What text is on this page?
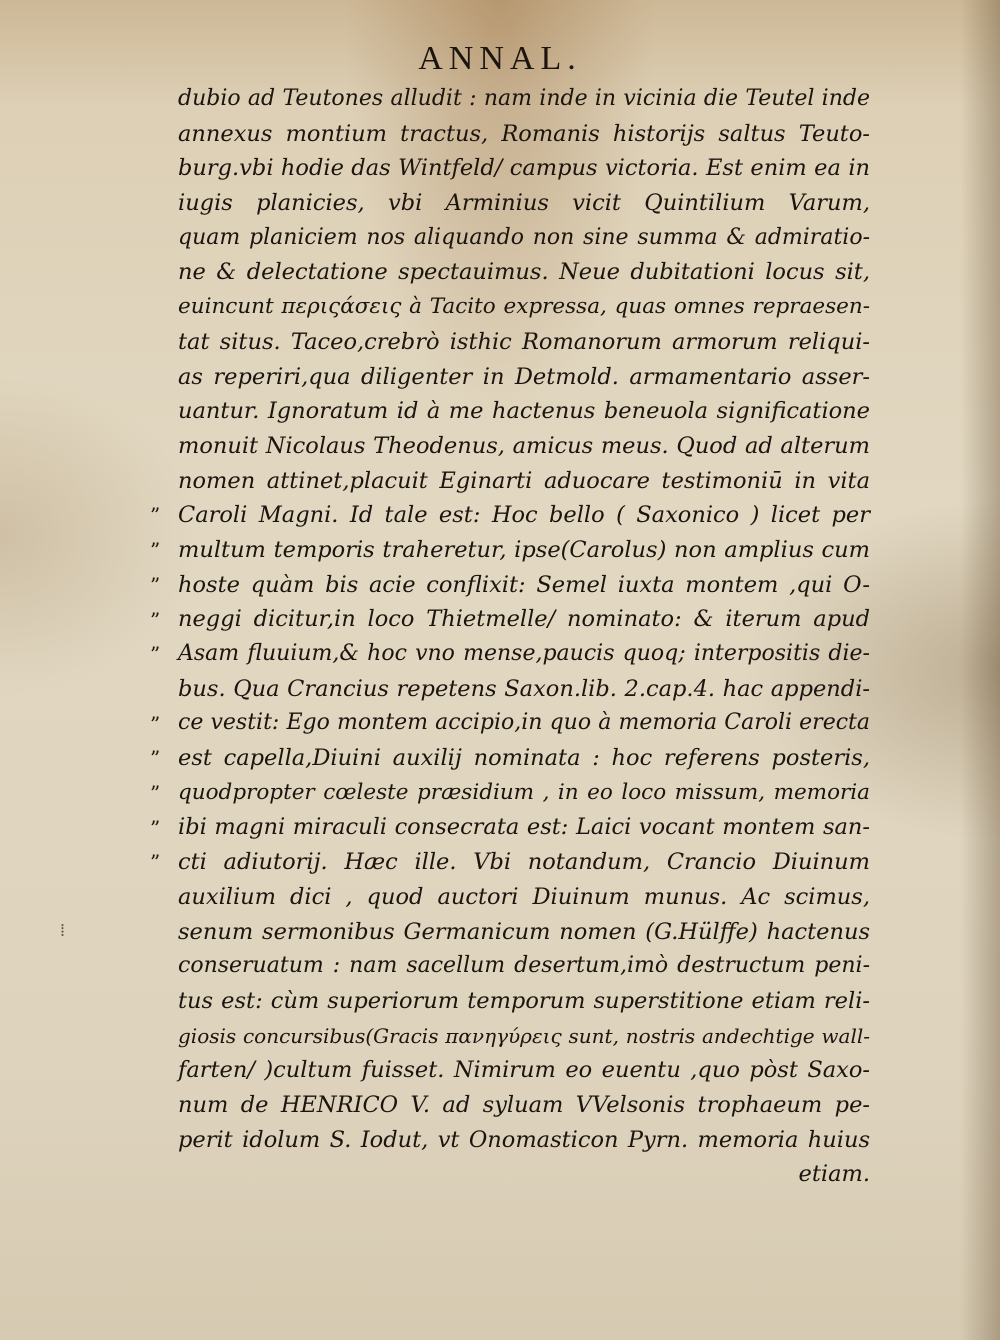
ANNAL.
”
”
”
”
”
”
”
”
”
”
dubio ad Teutones alludit : nam inde in vicinia die Teutel inde
annexus montium tractus, Romanis historijs saltus Teuto-
burg.vbi hodie das Wintfeld/ campus victoria. Est enim ea in
iugis planicies, vbi Arminius vicit Quintilium Varum,
quam planiciem nos aliquando non sine summa & admiratio-
ne & delectatione spectauimus. Neue dubitationi locus sit,
euincunt περιςάσεις à Tacito expressa, quas omnes repraesen-
tat situs. Taceo,crebrò isthic Romanorum armorum reliqui-
as reperiri,qua diligenter in Detmold. armamentario asser-
uantur. Ignoratum id à me hactenus beneuola significatione
monuit Nicolaus Theodenus, amicus meus. Quod ad alterum
nomen attinet,placuit Eginarti aduocare testimoniū in vita
Caroli Magni. Id tale est: Hoc bello ( Saxonico ) licet per
multum temporis traheretur, ipse(Carolus) non amplius cum
hoste quàm bis acie conflixit: Semel iuxta montem ,qui O-
neggi dicitur,in loco Thietmelle/ nominato: & iterum apud
Asam fluuium,& hoc vno mense,paucis quoq; interpositis die-
bus. Qua Crancius repetens Saxon.lib. 2.cap.4. hac appendi-
ce vestit: Ego montem accipio,in quo à memoria Caroli erecta
est capella,Diuini auxilij nominata : hoc referens posteris,
quodpropter cœleste præsidium , in eo loco missum, memoria
ibi magni miraculi consecrata est: Laici vocant montem san-
cti adiutorij. Hæc ille. Vbi notandum, Crancio Diuinum
auxilium dici , quod auctori Diuinum munus. Ac scimus,
senum sermonibus Germanicum nomen (G.Hülffe) hactenus
conseruatum : nam sacellum desertum,imò destructum peni-
tus est: cùm superiorum temporum superstitione etiam reli-
giosis concursibus(Gracis πανηγύρεις sunt, nostris andechtige wall-
farten/ )cultum fuisset. Nimirum eo euentu ,quo pòst Saxo-
num de HENRICO V. ad syluam VVelsonis trophaeum pe-
perit idolum S. Iodut, vt Onomasticon Pyrn. memoria huius
etiam.
⁞
